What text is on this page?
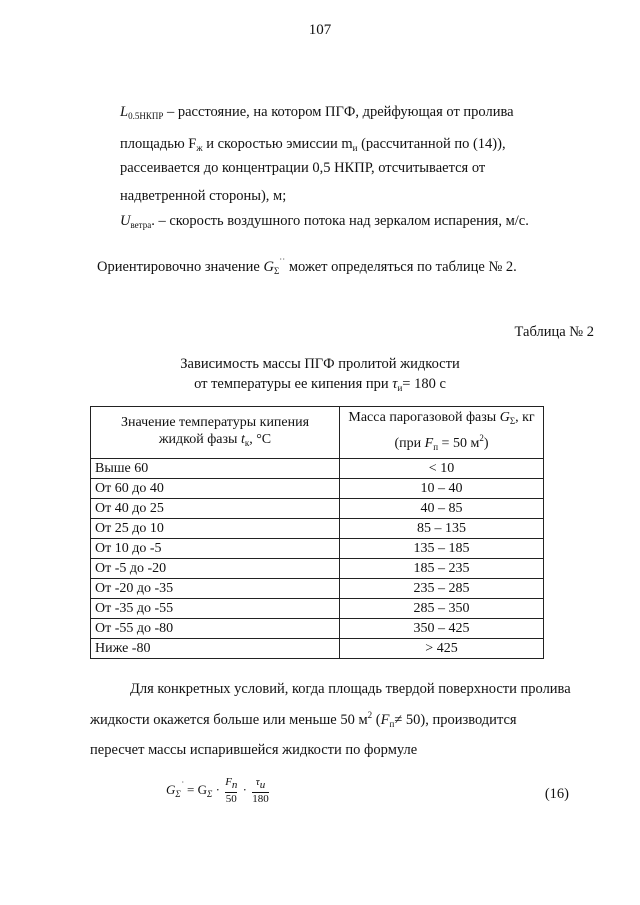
107
$L_{0.5НКПР}$ – расстояние, на котором ПГФ, дрейфующая от пролива
площадью $F_ж$ и скоростью эмиссии $m_и$ (рассчитанной по (14)),
рассеивается до концентрации 0,5 НКПР, отсчитывается от
надветренной стороны), м;
$U_{ветра}$. – скорость воздушного потока над зеркалом испарения, м/с.
Ориентировочно значение $G_\Sigma^{˙˙}$ может определяться по таблице № 2.
Таблица № 2
Зависимость массы ПГФ пролитой жидкости
от температуры ее кипения при $\tau_и= 180$ с
Значение температуры кипения
жидкой фазы $t_к$, °С	Масса парогазовой фазы $G_\Sigma$, кг
(при $F_п = 50$ $м^2$)
Выше 60	< 10
От 60 до 40	10 – 40
От 40 до 25	40 – 85
От 25 до 10	85 – 135
От 10 до -5	135 – 185
От -5 до -20	185 – 235
От -20 до -35	235 – 285
От -35 до -55	285 – 350
От -55 до -80	350 – 425
Ниже -80	> 425
Для конкретных условий, когда площадь твердой поверхности пролива
жидкости окажется больше или меньше 50 $м^2$ $(F_п\ne 50)$, производится
пересчет массы испарившейся жидкости по формуле
$G_\Sigma^˙ = G_\Sigma \cdot \frac{Fп}{50} \cdot \frac{\tau и}{180}$	(16)
